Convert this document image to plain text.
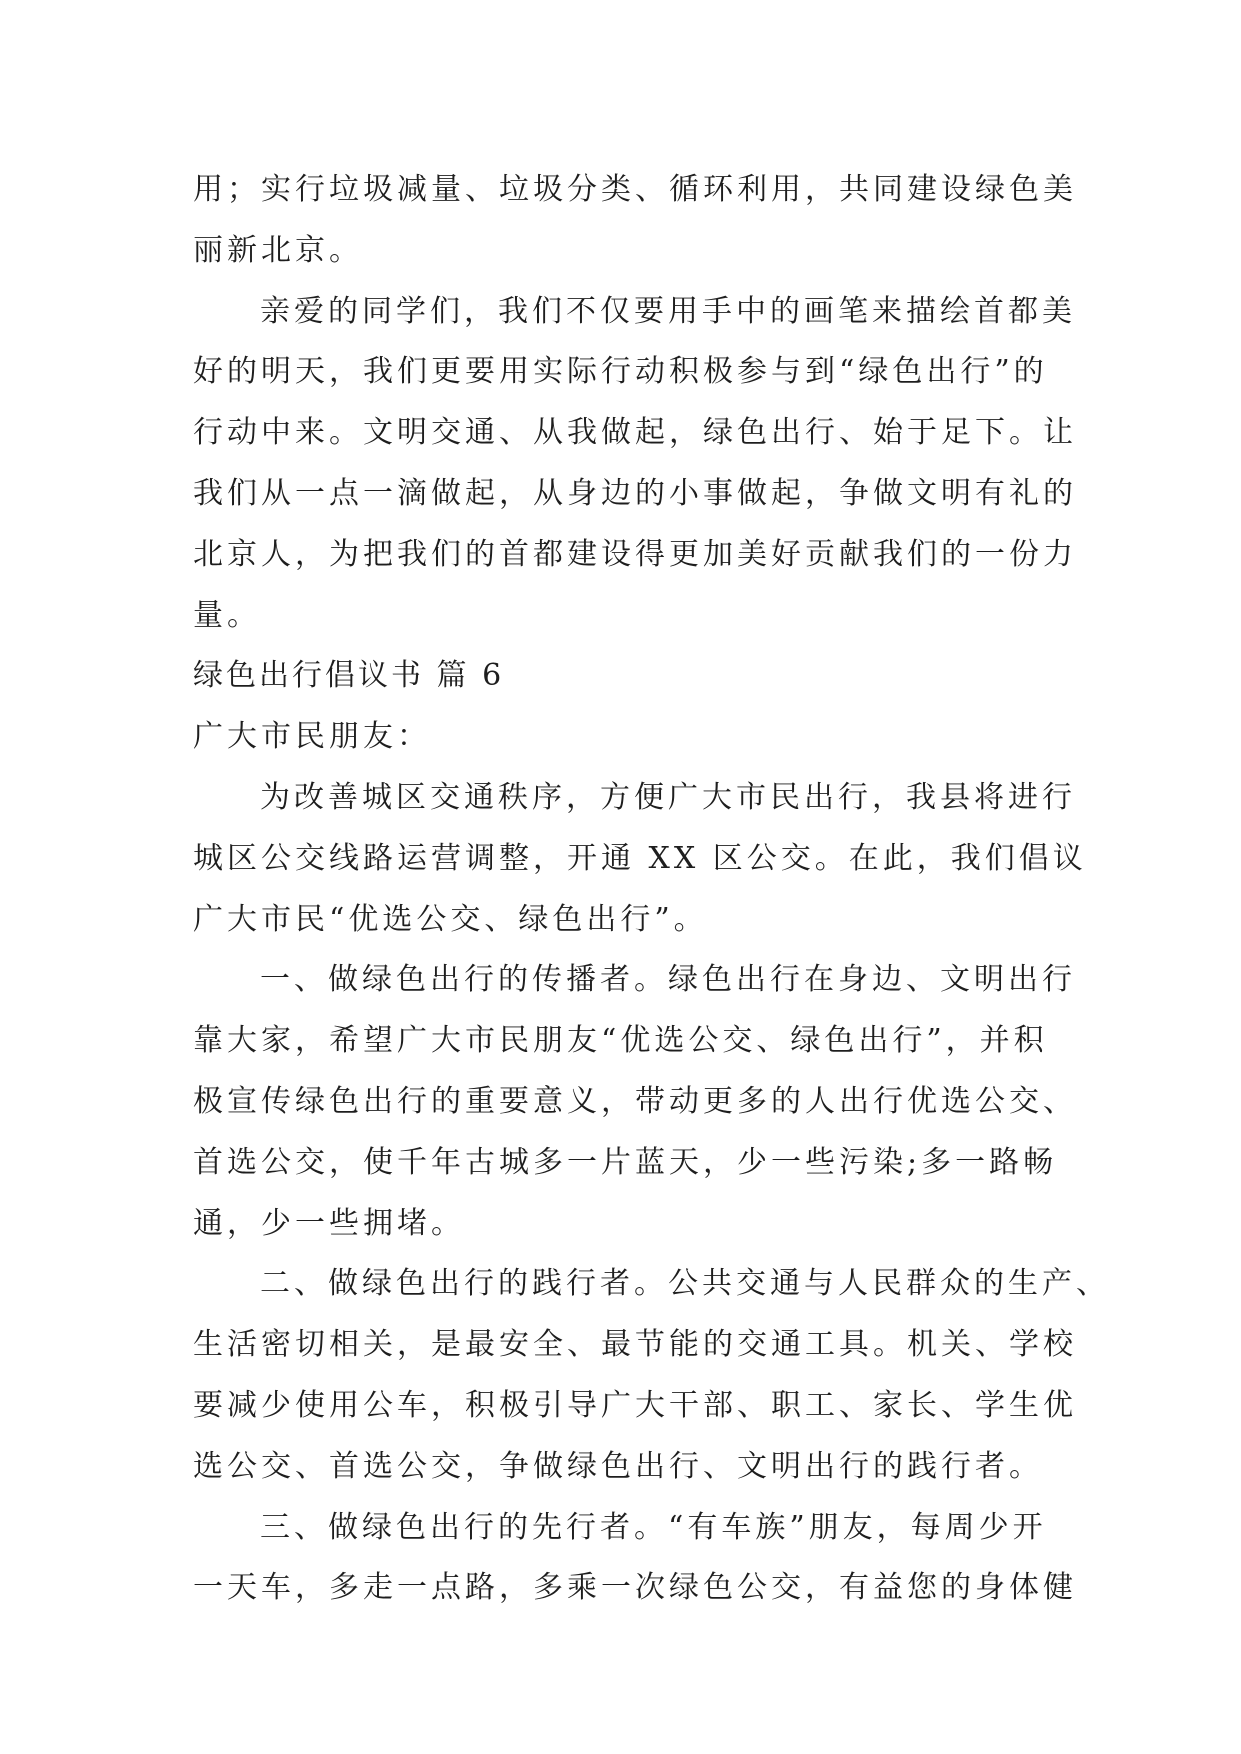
用；实行垃圾减量、垃圾分类、循环利用，共同建设绿色美
丽新北京。
亲爱的同学们，我们不仅要用手中的画笔来描绘首都美
好的明天，我们更要用实际行动积极参与到“绿色出行”的
行动中来。文明交通、从我做起，绿色出行、始于足下。让
我们从一点一滴做起，从身边的小事做起，争做文明有礼的
北京人，为把我们的首都建设得更加美好贡献我们的一份力
量。
绿色出行倡议书 篇 6
广大市民朋友：
为改善城区交通秩序，方便广大市民出行，我县将进行
城区公交线路运营调整，开通 XX 区公交。在此，我们倡议
广大市民“优选公交、绿色出行”。
一、做绿色出行的传播者。绿色出行在身边、文明出行
靠大家，希望广大市民朋友“优选公交、绿色出行”，并积
极宣传绿色出行的重要意义，带动更多的人出行优选公交、
首选公交，使千年古城多一片蓝天，少一些污染;多一路畅
通，少一些拥堵。
二、做绿色出行的践行者。公共交通与人民群众的生产、
生活密切相关，是最安全、最节能的交通工具。机关、学校
要减少使用公车，积极引导广大干部、职工、家长、学生优
选公交、首选公交，争做绿色出行、文明出行的践行者。
三、做绿色出行的先行者。“有车族”朋友，每周少开
一天车，多走一点路，多乘一次绿色公交，有益您的身体健
